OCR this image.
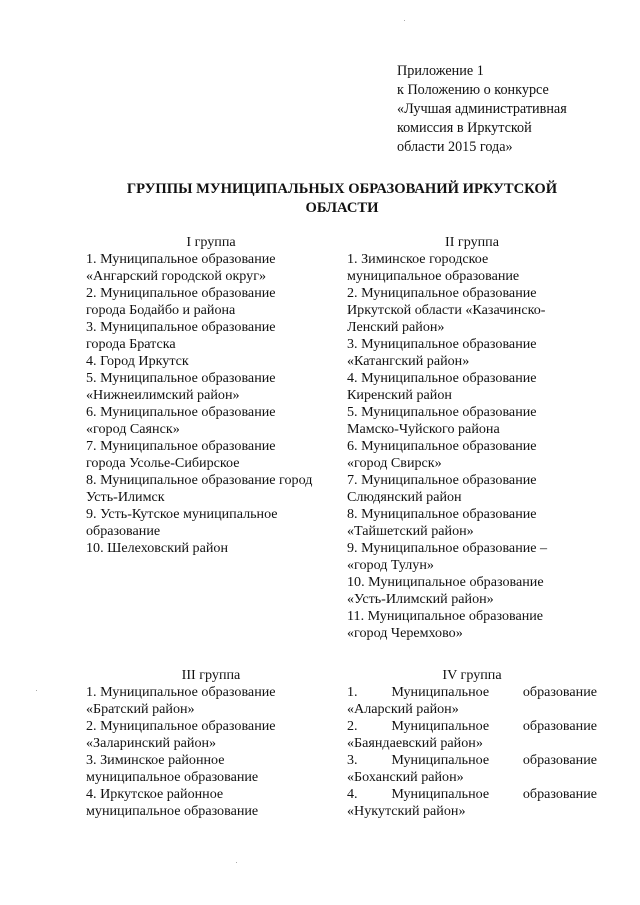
Приложение 1
к Положению о конкурсе
«Лучшая административная
комиссия в Иркутской
области 2015 года»
ГРУППЫ МУНИЦИПАЛЬНЫХ ОБРАЗОВАНИЙ ИРКУТСКОЙ
ОБЛАСТИ
I группа
1. Муниципальное образование
«Ангарский городской округ»
2. Муниципальное образование
города Бодайбо и района
3. Муниципальное образование
города Братска
4. Город Иркутск
5. Муниципальное образование
«Нижнеилимский район»
6. Муниципальное образование
«город Саянск»
7. Муниципальное образование
города Усолье-Сибирское
8. Муниципальное образование город
Усть-Илимск
9. Усть-Кутское муниципальное
образование
10. Шелеховский район
II группа
1. Зиминское городское
муниципальное образование
2. Муниципальное образование
Иркутской области «Казачинско-
Ленский район»
3. Муниципальное образование
«Катангский район»
4. Муниципальное образование
Киренский район
5. Муниципальное образование
Мамско-Чуйского района
6. Муниципальное образование
«город Свирск»
7. Муниципальное образование
Слюдянский район
8. Муниципальное образование
«Тайшетский район»
9. Муниципальное образование –
«город Тулун»
10. Муниципальное образование
«Усть-Илимский район»
11. Муниципальное образование
«город Черемхово»
III группа
1. Муниципальное образование
«Братский район»
2. Муниципальное образование
«Заларинский район»
3. Зиминское районное
муниципальное образование
4. Иркутское районное
муниципальное образование
IV группа
1. Муниципальное образование
«Аларский район»
2. Муниципальное образование
«Баяндаевский район»
3. Муниципальное образование
«Боханский район»
4. Муниципальное образование
«Нукутский район»
